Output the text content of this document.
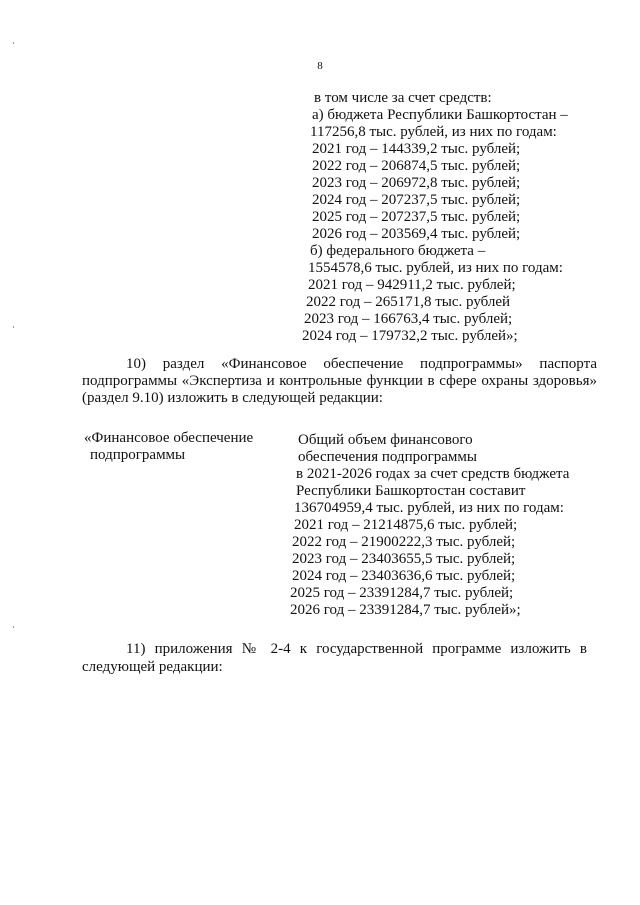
8
в том числе за счет средств:
а) бюджета Республики Башкортостан –
117256,8 тыс. рублей, из них по годам:
2021 год – 144339,2 тыс. рублей;
2022 год – 206874,5 тыс. рублей;
2023 год – 206972,8 тыс. рублей;
2024 год – 207237,5 тыс. рублей;
2025 год – 207237,5 тыс. рублей;
2026 год – 203569,4 тыс. рублей;
б) федерального бюджета –
1554578,6 тыс. рублей, из них по годам:
2021 год – 942911,2 тыс. рублей;
2022 год – 265171,8 тыс. рублей
2023 год – 166763,4 тыс. рублей;
2024 год – 179732,2 тыс. рублей»;
10) раздел «Финансовое обеспечение подпрограммы» паспорта подпрограммы «Экспертиза и контрольные функции в сфере охраны здоровья» (раздел 9.10) изложить в следующей редакции:
«Финансовое обеспечение
подпрограммы
Общий объем финансового
обеспечения подпрограммы
в 2021-2026 годах за счет средств бюджета
Республики Башкортостан составит
136704959,4 тыс. рублей, из них по годам:
2021 год – 21214875,6 тыс. рублей;
2022 год – 21900222,3 тыс. рублей;
2023 год – 23403655,5 тыс. рублей;
2024 год – 23403636,6 тыс. рублей;
2025 год – 23391284,7 тыс. рублей;
2026 год – 23391284,7 тыс. рублей»;
11) приложения № 2-4 к государственной программе изложить в следующей редакции:
